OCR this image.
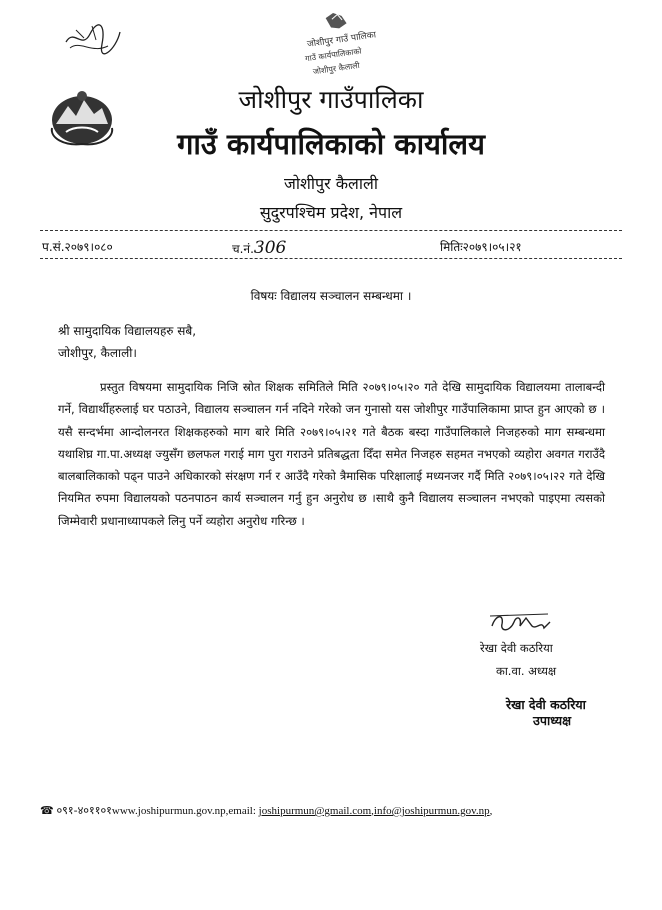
जोशीपुर गाउँ पालिका
गाउँ कार्यपालिकाको
जोशीपुर कैलाली
जोशीपुर गाउँपालिका
गाउँ कार्यपालिकाको कार्यालय
जोशीपुर कैलाली
सुदुरपश्चिम प्रदेश, नेपाल
प.सं.२०७९।०८०	च.नं.306	मितिः२०७९।०५।२१
विषयः विद्यालय सञ्चालन सम्बन्धमा ।
श्री सामुदायिक विद्यालयहरु सबै,
जोशीपुर, कैलाली।
प्रस्तुत विषयमा सामुदायिक निजि स्रोत शिक्षक समितिले मिति २०७९।०५।२० गते देखि सामुदायिक विद्यालयमा तालाबन्दी गर्ने, विद्यार्थीहरुलाई घर पठाउने, विद्यालय सञ्चालन गर्न नदिने गरेको जन गुनासो यस जोशीपुर गाउँपालिकामा प्राप्त हुन आएको छ ।यसै सन्दर्भमा आन्दोलनरत शिक्षकहरुको माग बारे मिति २०७९।०५।२१ गते बैठक बस्दा गाउँपालिकाले निजहरुको माग सम्बन्धमा यथाशिघ्र गा.पा.अध्यक्ष ज्युसँग छलफल गराई माग पुरा गराउने प्रतिबद्धता दिँदा समेत निजहरु सहमत नभएको व्यहोरा अवगत गराउँदै बालबालिकाको पढ्न पाउने अधिकारको संरक्षण गर्न र आउँदै गरेको त्रैमासिक परिक्षालाई मध्यनजर गर्दै मिति २०७९।०५।२२ गते देखि नियमित रुपमा विद्यालयको पठनपाठन कार्य सञ्चालन गर्नु हुन अनुरोध छ ।साथै कुनै विद्यालय सञ्चालन नभएको पाइएमा त्यसको जिम्मेवारी प्रधानाध्यापकले लिनु पर्ने व्यहोरा अनुरोध गरिन्छ ।
रेखा देवी कठरिया
का.वा. अध्यक्ष
रेखा देवी कठरिया
उपाध्यक्ष
☎ ०९१-४०११०१www.joshipurmun.gov.np,email: joshipurmun@gmail.com,info@joshipurmun.gov.np,
